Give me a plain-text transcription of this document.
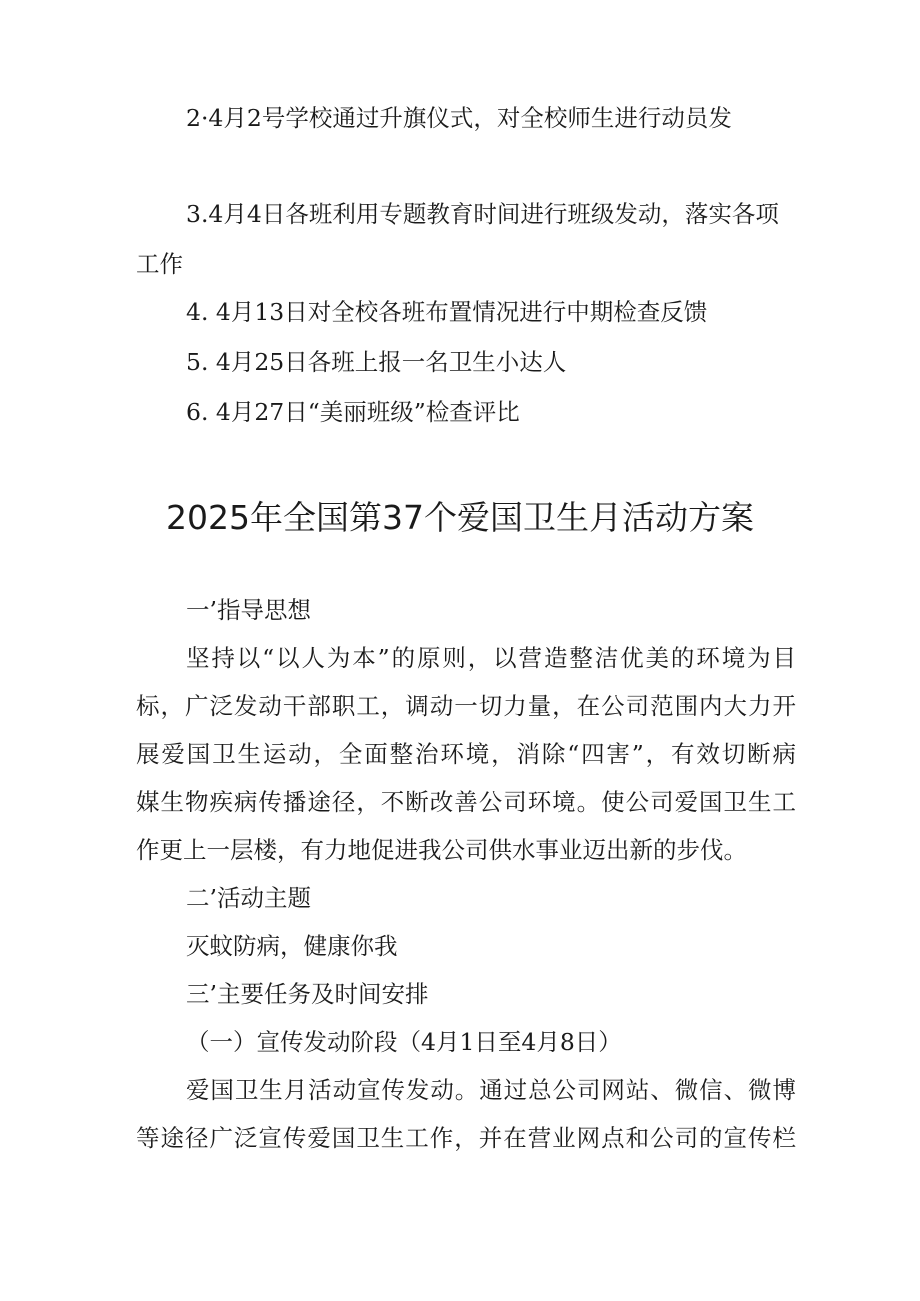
2·4月2号学校通过升旗仪式，对全校师生进行动员发
3.4月4日各班利用专题教育时间进行班级发动，落实各项
工作
4. 4月13日对全校各班布置情况进行中期检查反馈
5. 4月25日各班上报一名卫生小达人
6. 4月27日“美丽班级”检查评比
2025年全国第37个爱国卫生月活动方案
一’指导思想
坚持以“以人为本”的原则，以营造整洁优美的环境为目
标，广泛发动干部职工，调动一切力量，在公司范围内大力开
展爱国卫生运动，全面整治环境，消除“四害”，有效切断病
媒生物疾病传播途径，不断改善公司环境。使公司爱国卫生工
作更上一层楼，有力地促进我公司供水事业迈出新的步伐。
二’活动主题
灭蚊防病，健康你我
三’主要任务及时间安排
（一）宣传发动阶段（4月1日至4月8日）
爱国卫生月活动宣传发动。通过总公司网站、微信、微博
等途径广泛宣传爱国卫生工作，并在营业网点和公司的宣传栏
